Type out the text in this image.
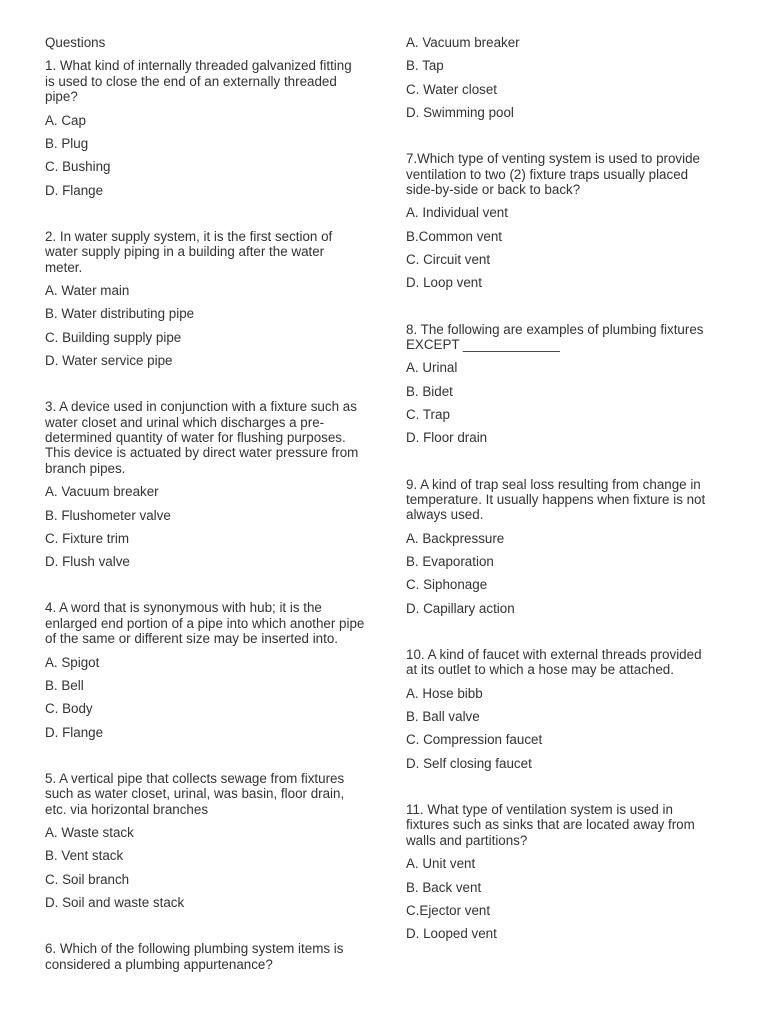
Questions
1. What kind of internally threaded galvanized fitting is used to close the end of an externally threaded pipe?
A. Cap
B. Plug
C. Bushing
D. Flange
2. In water supply system, it is the first section of water supply piping in a building after the water meter.
A. Water main
B. Water distributing pipe
C. Building supply pipe
D. Water service pipe
3. A device used in conjunction with a fixture such as water closet and urinal which discharges a pre-determined quantity of water for flushing purposes. This device is actuated by direct water pressure from branch pipes.
A. Vacuum breaker
B. Flushometer valve
C. Fixture trim
D. Flush valve
4. A word that is synonymous with hub; it is the enlarged end portion of a pipe into which another pipe of the same or different size may be inserted into.
A. Spigot
B. Bell
C. Body
D. Flange
5. A vertical pipe that collects sewage from fixtures such as water closet, urinal, was basin, floor drain, etc. via horizontal branches
A. Waste stack
B. Vent stack
C. Soil branch
D. Soil and waste stack
6. Which of the following plumbing system items is considered a plumbing appurtenance?
A. Vacuum breaker
B. Tap
C. Water closet
D. Swimming pool
7.Which type of venting system is used to provide ventilation to two (2) fixture traps usually placed side-by-side or back to back?
A. Individual vent
B.Common vent
C. Circuit vent
D. Loop vent
8. The following are examples of plumbing fixtures EXCEPT _____________
A. Urinal
B. Bidet
C. Trap
D. Floor drain
9. A kind of trap seal loss resulting from change in temperature. It usually happens when fixture is not always used.
A. Backpressure
B. Evaporation
C. Siphonage
D. Capillary action
10. A kind of faucet with external threads provided at its outlet to which a hose may be attached.
A. Hose bibb
B. Ball valve
C. Compression faucet
D. Self closing faucet
11. What type of ventilation system is used in fixtures such as sinks that are located away from walls and partitions?
A. Unit vent
B. Back vent
C.Ejector vent
D. Looped vent
